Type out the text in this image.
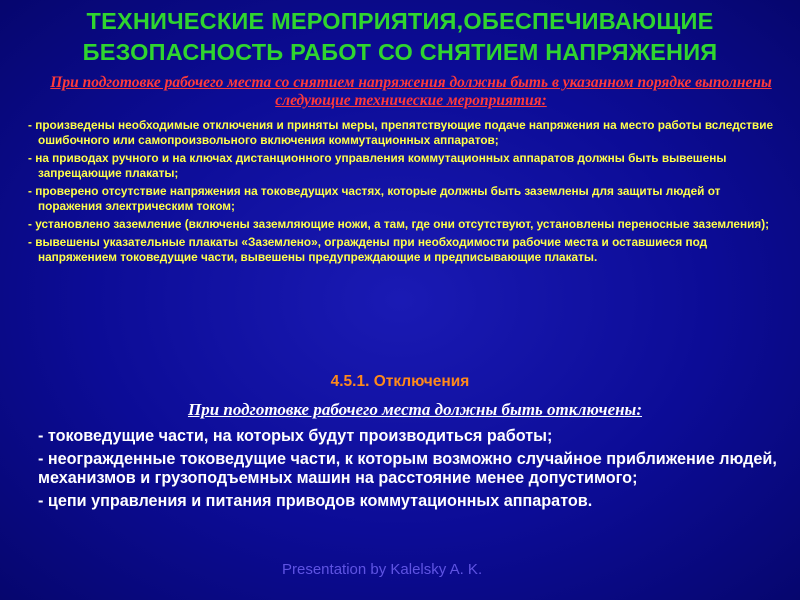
ТЕХНИЧЕСКИЕ МЕРОПРИЯТИЯ,ОБЕСПЕЧИВАЮЩИЕ
БЕЗОПАСНОСТЬ РАБОТ СО СНЯТИЕМ НАПРЯЖЕНИЯ
При подготовке рабочего места со снятием напряжения должны быть в указанном порядке выполнены следующие технические мероприятия:
- произведены необходимые отключения и приняты меры, препятствующие подаче напряжения на место работы вследствие ошибочного или самопроизвольного включения коммутационных аппаратов;
- на приводах ручного и на ключах дистанционного управления коммутационных аппаратов должны быть вывешены запрещающие плакаты;
- проверено отсутствие напряжения на токоведущих частях, которые должны быть заземлены для защиты людей от поражения электрическим током;
- установлено заземление (включены заземляющие ножи, а там, где они отсутствуют, установлены переносные заземления);
- вывешены указательные плакаты «Заземлено», ограждены при необходимости рабочие места и оставшиеся под напряжением токоведущие части, вывешены предупреждающие и предписывающие плакаты.
4.5.1. Отключения
При подготовке рабочего места должны быть отключены:
- токоведущие части, на которых будут производиться работы;
- неогражденные токоведущие части, к которым возможно случайное приближение людей, механизмов и грузоподъемных машин на расстояние менее допустимого;
- цепи управления и питания приводов коммутационных аппаратов.
Presentation by Kalelsky A. K.
